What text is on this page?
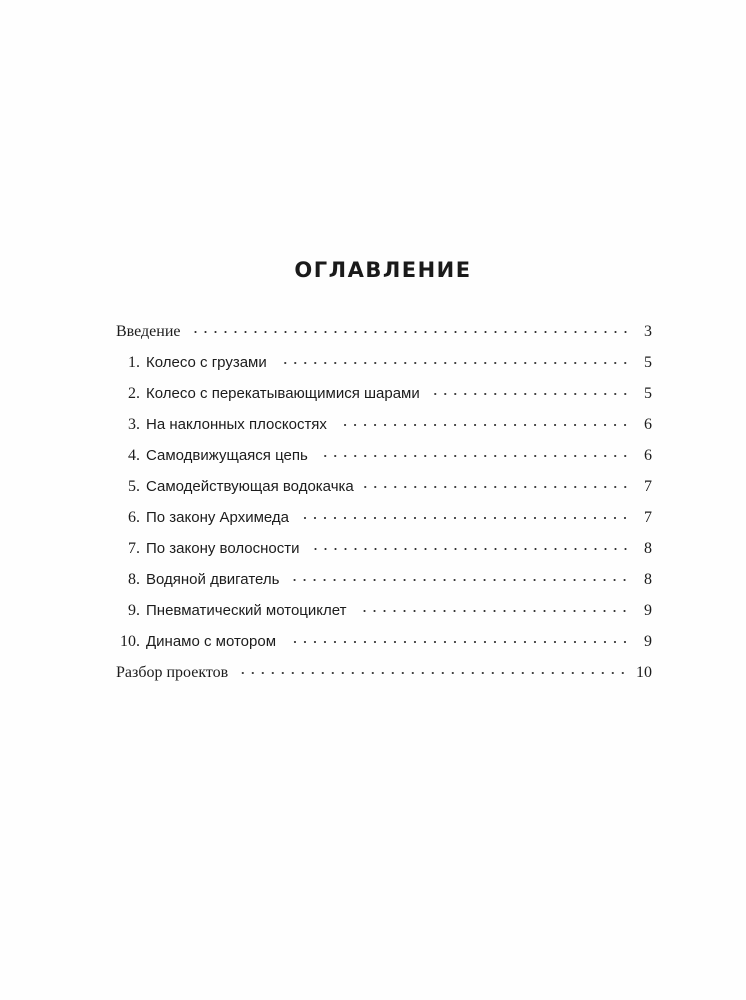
ОГЛАВЛЕНИЕ
Введение	3
1. Колесо с грузами	5
2. Колесо с перекатывающимися шарами	5
3. На наклонных плоскостях	6
4. Самодвижущаяся цепь	6
5. Самодействующая водокачка	7
6. По закону Архимеда	7
7. По закону волосности	8
8. Водяной двигатель	8
9. Пневматический мотоциклет	9
10. Динамо с мотором	9
Разбор проектов	10
